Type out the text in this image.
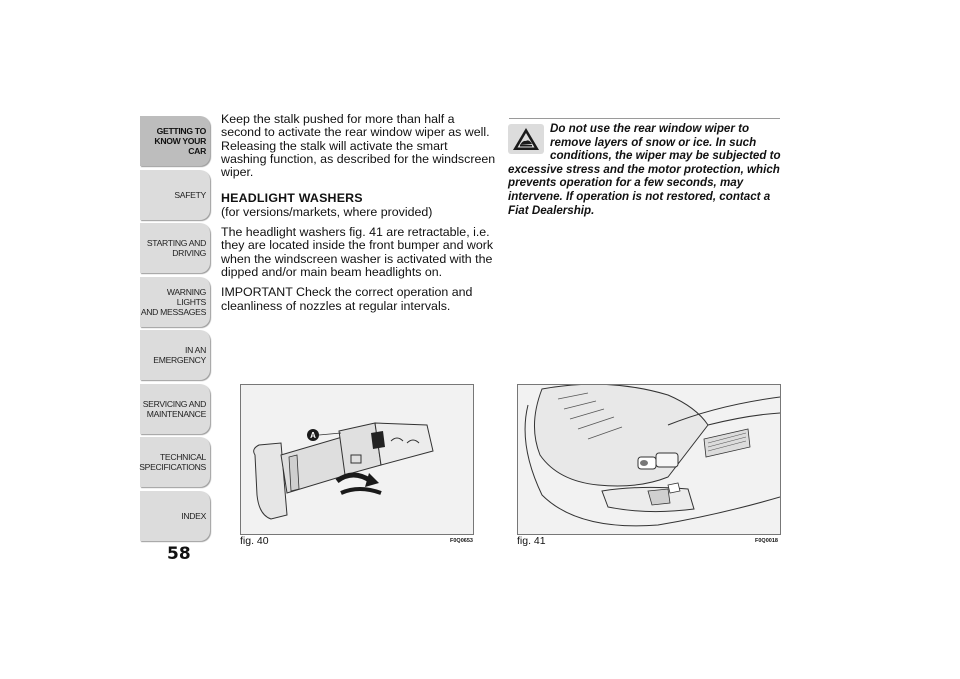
GETTING TO
KNOW YOUR CAR
SAFETY
STARTING AND
DRIVING
WARNING LIGHTS
AND MESSAGES
IN AN EMERGENCY
SERVICING AND
MAINTENANCE
TECHNICAL
SPECIFICATIONS
INDEX
58

Keep the stalk pushed for more than half a second to activate the rear window wiper as well. Releasing the stalk will activate the smart washing function, as described for the windscreen wiper.

HEADLIGHT WASHERS

(for versions/markets, where provided)

The headlight washers fig. 41 are retractable, i.e. they are located inside the front bumper and work when the windscreen washer is activated with the dipped and/or main beam headlights on.

IMPORTANT Check the correct operation and cleanliness of nozzles at regular intervals.

Do not use the rear window wiper to remove layers of snow or ice. In such conditions, the wiper may be subjected to excessive stress and the motor protection, which prevents operation for a few seconds, may intervene. If operation is not restored, contact a Fiat Dealership.
A
fig. 40	F0Q0653	fig. 41	F0Q0018
